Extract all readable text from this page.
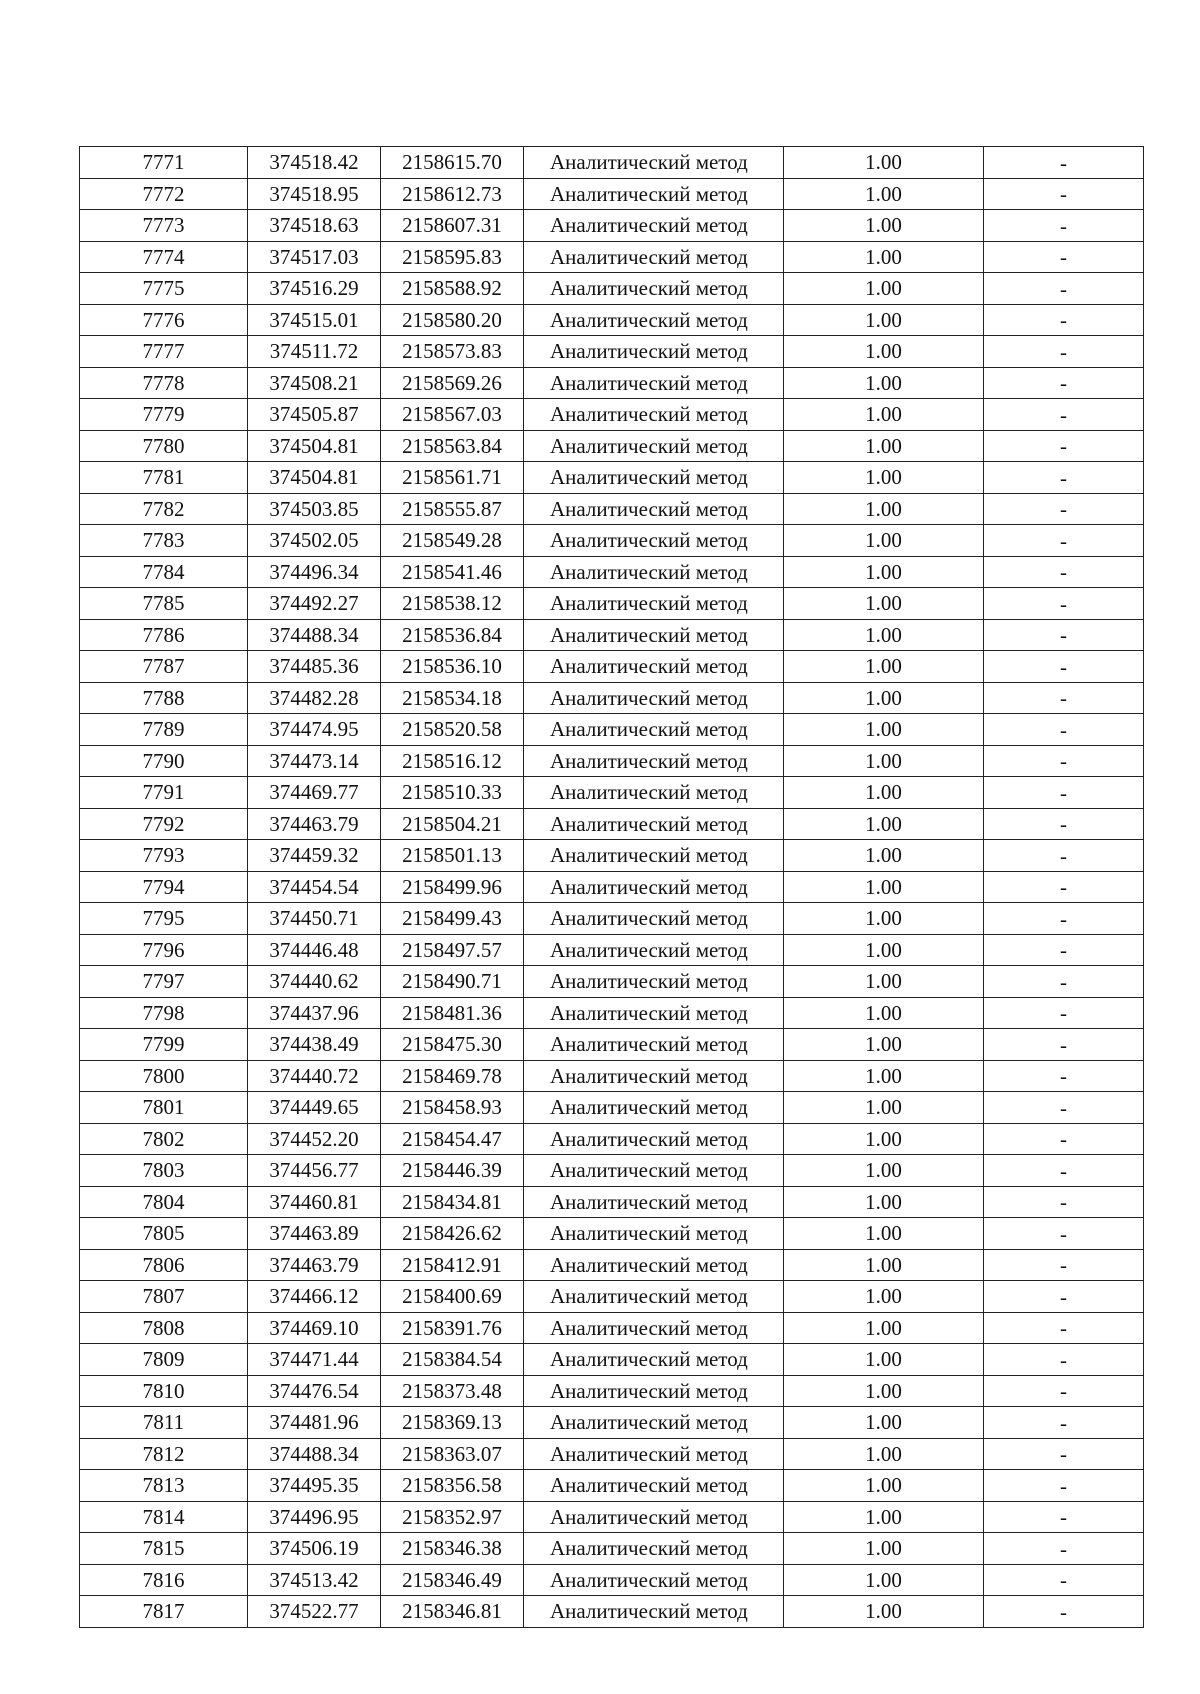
7771	374518.42	2158615.70	Аналитический метод	1.00	-
7772	374518.95	2158612.73	Аналитический метод	1.00	-
7773	374518.63	2158607.31	Аналитический метод	1.00	-
7774	374517.03	2158595.83	Аналитический метод	1.00	-
7775	374516.29	2158588.92	Аналитический метод	1.00	-
7776	374515.01	2158580.20	Аналитический метод	1.00	-
7777	374511.72	2158573.83	Аналитический метод	1.00	-
7778	374508.21	2158569.26	Аналитический метод	1.00	-
7779	374505.87	2158567.03	Аналитический метод	1.00	-
7780	374504.81	2158563.84	Аналитический метод	1.00	-
7781	374504.81	2158561.71	Аналитический метод	1.00	-
7782	374503.85	2158555.87	Аналитический метод	1.00	-
7783	374502.05	2158549.28	Аналитический метод	1.00	-
7784	374496.34	2158541.46	Аналитический метод	1.00	-
7785	374492.27	2158538.12	Аналитический метод	1.00	-
7786	374488.34	2158536.84	Аналитический метод	1.00	-
7787	374485.36	2158536.10	Аналитический метод	1.00	-
7788	374482.28	2158534.18	Аналитический метод	1.00	-
7789	374474.95	2158520.58	Аналитический метод	1.00	-
7790	374473.14	2158516.12	Аналитический метод	1.00	-
7791	374469.77	2158510.33	Аналитический метод	1.00	-
7792	374463.79	2158504.21	Аналитический метод	1.00	-
7793	374459.32	2158501.13	Аналитический метод	1.00	-
7794	374454.54	2158499.96	Аналитический метод	1.00	-
7795	374450.71	2158499.43	Аналитический метод	1.00	-
7796	374446.48	2158497.57	Аналитический метод	1.00	-
7797	374440.62	2158490.71	Аналитический метод	1.00	-
7798	374437.96	2158481.36	Аналитический метод	1.00	-
7799	374438.49	2158475.30	Аналитический метод	1.00	-
7800	374440.72	2158469.78	Аналитический метод	1.00	-
7801	374449.65	2158458.93	Аналитический метод	1.00	-
7802	374452.20	2158454.47	Аналитический метод	1.00	-
7803	374456.77	2158446.39	Аналитический метод	1.00	-
7804	374460.81	2158434.81	Аналитический метод	1.00	-
7805	374463.89	2158426.62	Аналитический метод	1.00	-
7806	374463.79	2158412.91	Аналитический метод	1.00	-
7807	374466.12	2158400.69	Аналитический метод	1.00	-
7808	374469.10	2158391.76	Аналитический метод	1.00	-
7809	374471.44	2158384.54	Аналитический метод	1.00	-
7810	374476.54	2158373.48	Аналитический метод	1.00	-
7811	374481.96	2158369.13	Аналитический метод	1.00	-
7812	374488.34	2158363.07	Аналитический метод	1.00	-
7813	374495.35	2158356.58	Аналитический метод	1.00	-
7814	374496.95	2158352.97	Аналитический метод	1.00	-
7815	374506.19	2158346.38	Аналитический метод	1.00	-
7816	374513.42	2158346.49	Аналитический метод	1.00	-
7817	374522.77	2158346.81	Аналитический метод	1.00	-
